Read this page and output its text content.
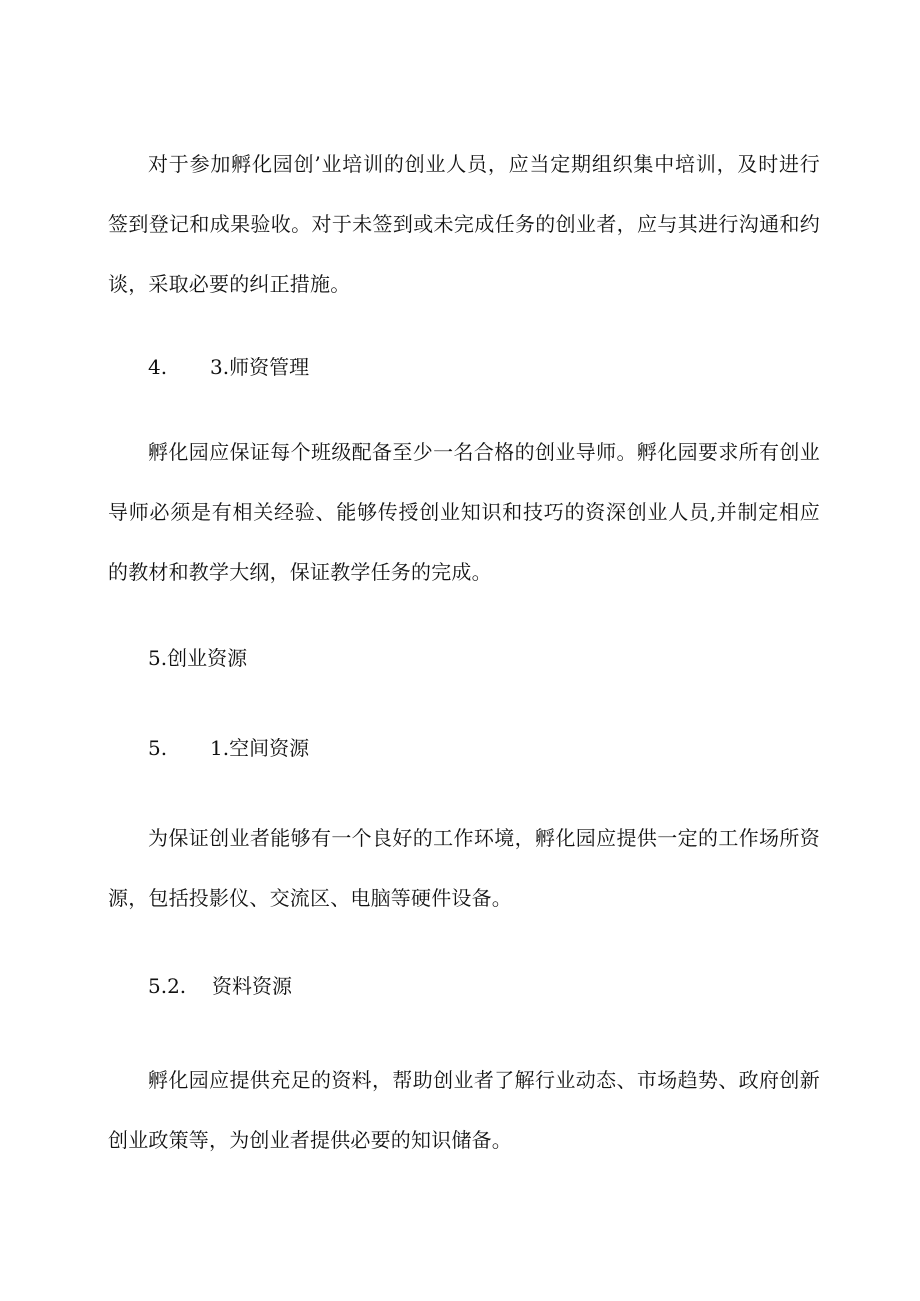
对于参加孵化园创’业培训的创业人员，应当定期组织集中培训，及时进行签到登记和成果验收。对于未签到或未完成任务的创业者，应与其进行沟通和约谈，采取必要的纠正措施。

4. 3.师资管理

孵化园应保证每个班级配备至少一名合格的创业导师。孵化园要求所有创业导师必须是有相关经验、能够传授创业知识和技巧的资深创业人员,并制定相应的教材和教学大纲，保证教学任务的完成。

5.创业资源
5. 1.空间资源

为保证创业者能够有一个良好的工作环境，孵化园应提供一定的工作场所资源，包括投影仪、交流区、电脑等硬件设备。

5.2. 资料资源

孵化园应提供充足的资料，帮助创业者了解行业动态、市场趋势、政府创新创业政策等，为创业者提供必要的知识储备。
